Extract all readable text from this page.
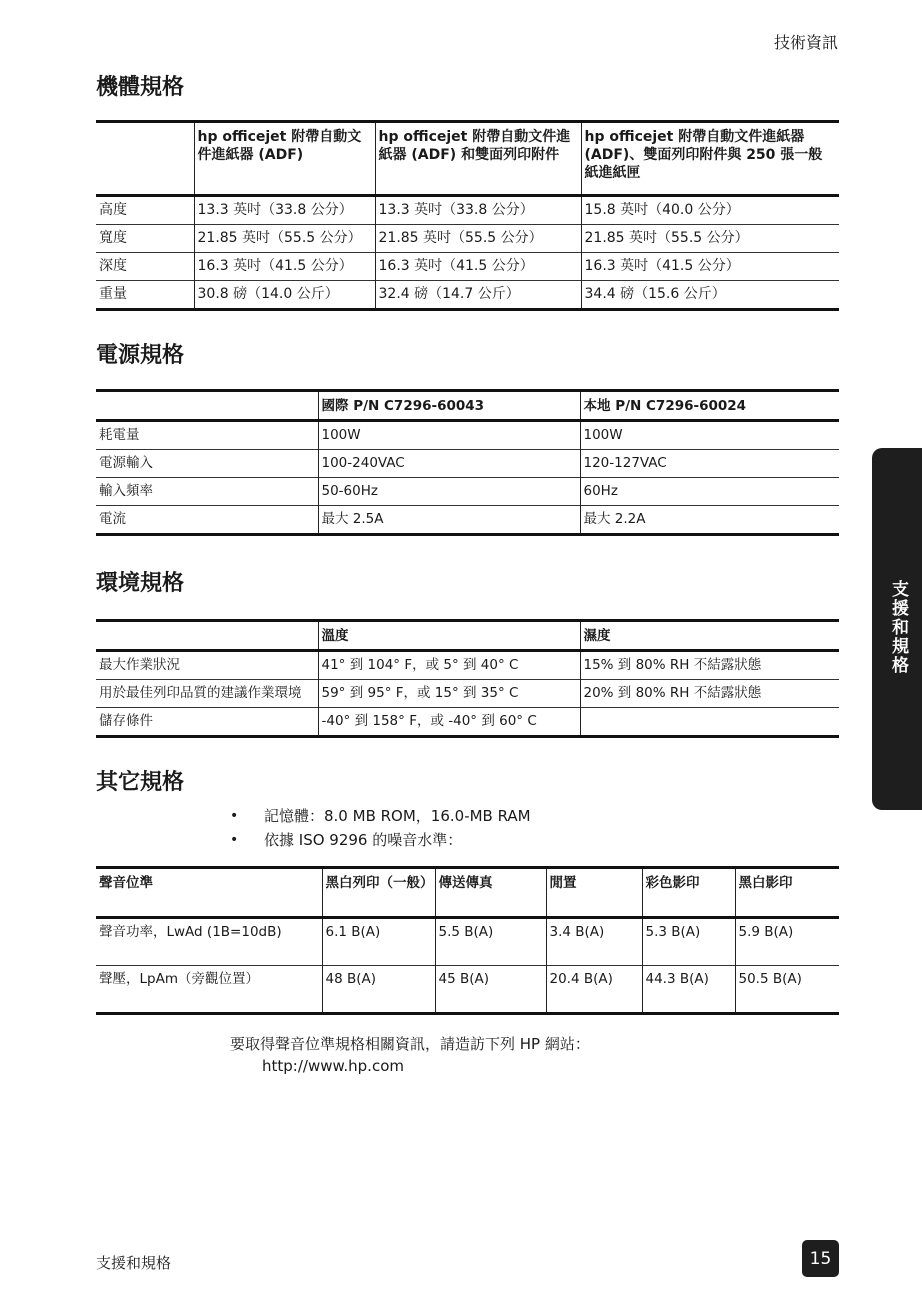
技術資訊
機體規格
	hp officejet 附帶自動文件進紙器 (ADF)	hp officejet 附帶自動文件進紙器 (ADF) 和雙面列印附件	hp officejet 附帶自動文件進紙器 (ADF)、雙面列印附件與 250 張一般紙進紙匣
高度	13.3 英吋（33.8 公分）	13.3 英吋（33.8 公分）	15.8 英吋（40.0 公分）
寬度	21.85 英吋（55.5 公分）	21.85 英吋（55.5 公分）	21.85 英吋（55.5 公分）
深度	16.3 英吋（41.5 公分）	16.3 英吋（41.5 公分）	16.3 英吋（41.5 公分）
重量	30.8 磅（14.0 公斤）	32.4 磅（14.7 公斤）	34.4 磅（15.6 公斤）
電源規格
	國際 P/N C7296-60043	本地 P/N C7296-60024
耗電量	100W	100W
電源輸入	100-240VAC	120-127VAC
輸入頻率	50-60Hz	60Hz
電流	最大 2.5A	最大 2.2A
環境規格
	溫度	濕度
最大作業狀況	41° 到 104° F，或 5° 到 40° C	15% 到 80% RH 不結露狀態
用於最佳列印品質的建議作業環境	59° 到 95° F，或 15° 到 35° C	20% 到 80% RH 不結露狀態
儲存條件	-40° 到 158° F，或 -40° 到 60° C	
其它規格
• 記憶體：8.0 MB ROM，16.0-MB RAM
• 依據 ISO 9296 的噪音水準：
聲音位準	黑白列印（一般）	傳送傳真	閒置	彩色影印	黑白影印
聲音功率，LwAd (1B=10dB)	6.1 B(A)	5.5 B(A)	3.4 B(A)	5.3 B(A)	5.9 B(A)
聲壓，LpAm（旁觀位置）	48 B(A)	45 B(A)	20.4 B(A)	44.3 B(A)	50.5 B(A)
要取得聲音位準規格相關資訊，請造訪下列 HP 網站：
http://www.hp.com
支援和規格
支援和規格	15
